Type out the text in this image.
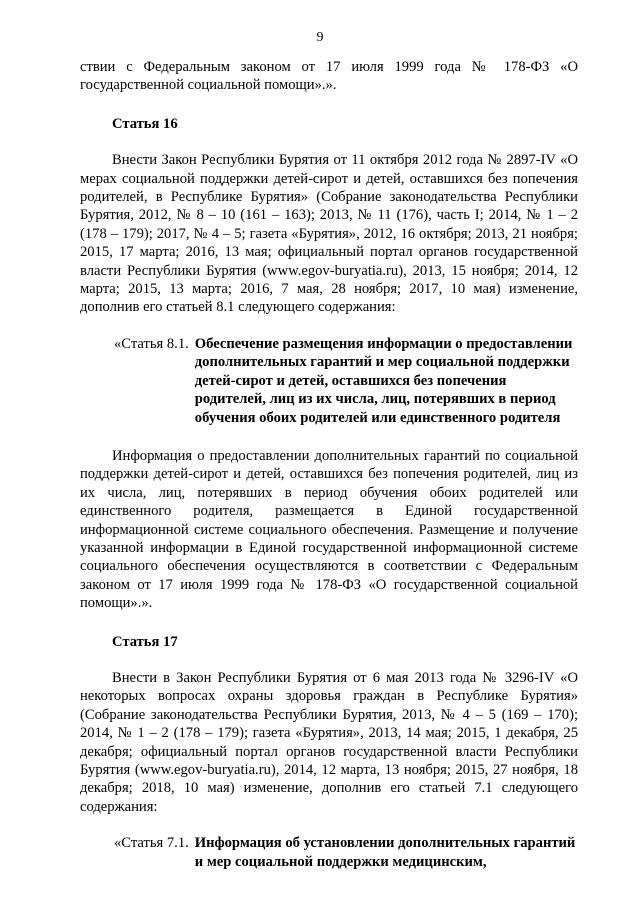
9

ствии с Федеральным законом от 17 июля 1999 года № 178-ФЗ «О государственной социальной помощи».».

Статья 16

Внести Закон Республики Бурятия от 11 октября 2012 года № 2897-IV «О мерах социальной поддержки детей-сирот и детей, оставшихся без попечения родителей, в Республике Бурятия» (Собрание законодательства Республики Бурятия, 2012, № 8 – 10 (161 – 163); 2013, № 11 (176), часть I; 2014, № 1 – 2 (178 – 179); 2017, № 4 – 5; газета «Бурятия», 2012, 16 октября; 2013, 21 ноября; 2015, 17 марта; 2016, 13 мая; официальный портал органов государственной власти Республики Бурятия (www.egov-buryatia.ru), 2013, 15 ноября; 2014, 12 марта; 2015, 13 марта; 2016, 7 мая, 28 ноября; 2017, 10 мая) изменение, дополнив его статьей 8.1 следующего содержания:

«Статья 8.1. Обеспечение размещения информации о предоставлении дополнительных гарантий и мер социальной поддержки детей-сирот и детей, оставшихся без попечения родителей, лиц из их числа, лиц, потерявших в период обучения обоих родителей или единственного родителя

Информация о предоставлении дополнительных гарантий по социальной поддержки детей-сирот и детей, оставшихся без попечения родителей, лиц из их числа, лиц, потерявших в период обучения обоих родителей или единственного родителя, размещается в Единой государственной информационной системе социального обеспечения. Размещение и получение указанной информации в Единой государственной информационной системе социального обеспечения осуществляются в соответствии с Федеральным законом от 17 июля 1999 года № 178-ФЗ «О государственной социальной помощи».».

Статья 17

Внести в Закон Республики Бурятия от 6 мая 2013 года № 3296-IV «О некоторых вопросах охраны здоровья граждан в Республике Бурятия» (Собрание законодательства Республики Бурятия, 2013, № 4 – 5 (169 – 170); 2014, № 1 – 2 (178 – 179); газета «Бурятия», 2013, 14 мая; 2015, 1 декабря, 25 декабря; официальный портал органов государственной власти Республики Бурятия (www.egov-buryatia.ru), 2014, 12 марта, 13 ноября; 2015, 27 ноября, 18 декабря; 2018, 10 мая) изменение, дополнив его статьей 7.1 следующего содержания:

«Статья 7.1. Информация об установлении дополнительных гарантий и мер социальной поддержки медицинским,
